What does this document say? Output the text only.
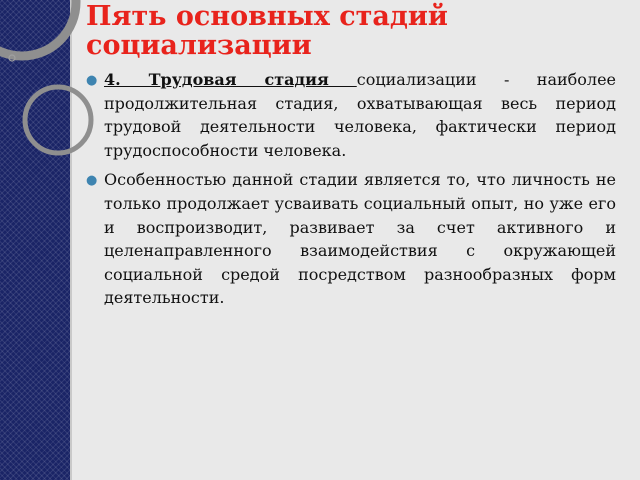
Пять основных стадий социализации
● 4. Трудовая стадия социализации - наиболее продолжительная стадия, охватывающая весь период трудовой деятельности человека, фактически период трудоспособности человека.
● Особенностью данной стадии является то, что личность не только продолжает усваивать социальный опыт, но уже его и воспроизводит, развивает за счет активного и целенаправленного взаимодействия с окружающей социальной средой посредством разнообразных форм деятельности.
